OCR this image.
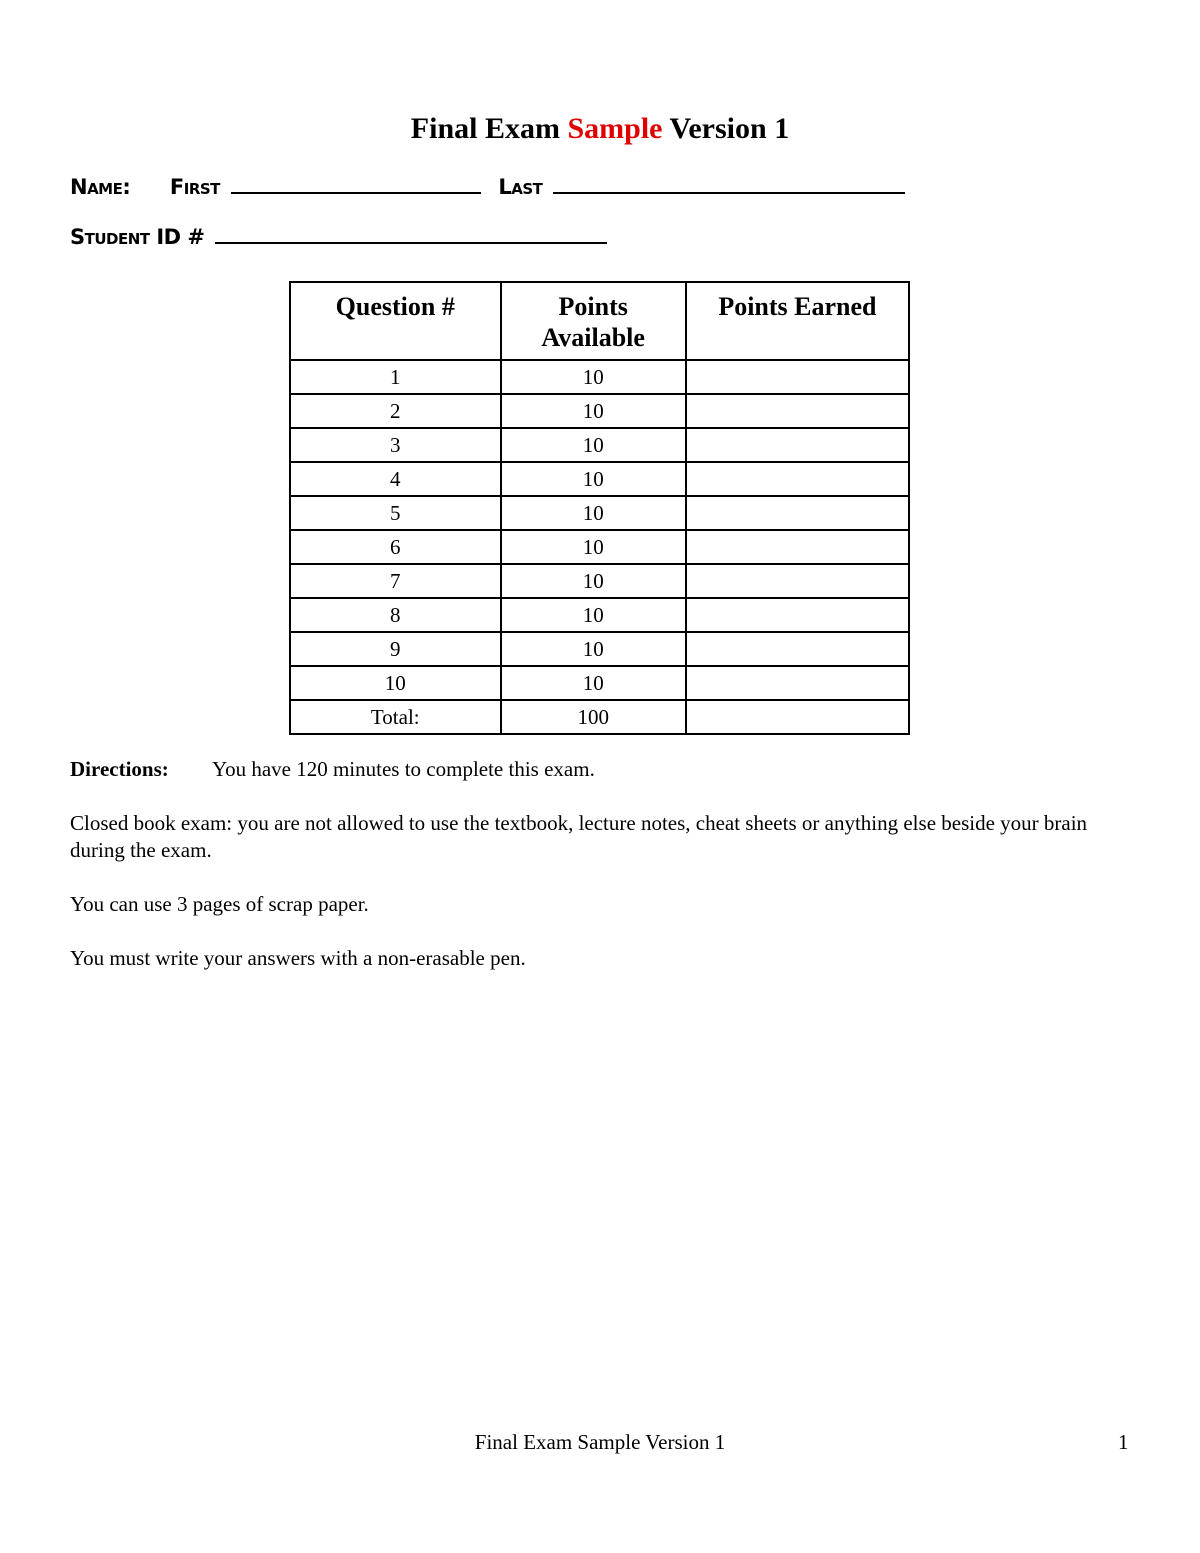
Final Exam Sample Version 1
Name: First	Last
Student ID #
Question #	Points Available	Points Earned
1	10	
2	10	
3	10	
4	10	
5	10	
6	10	
7	10	
8	10	
9	10	
10	10	
Total:	100	

Directions: You have 120 minutes to complete this exam.

Closed book exam: you are not allowed to use the textbook, lecture notes, cheat sheets or anything else beside your brain during the exam.

You can use 3 pages of scrap paper.

You must write your answers with a non-erasable pen.

Final Exam Sample Version 1	1
